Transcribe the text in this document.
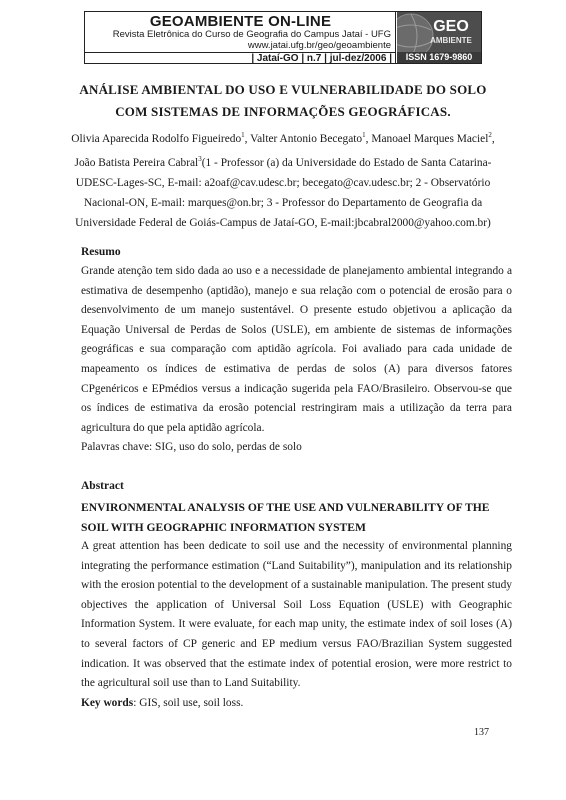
GEOAMBIENTE ON-LINE
Revista Eletrônica do Curso de Geografia do Campus Jataí - UFG
www.jatai.ufg.br/geo/geoambiente
| Jataí-GO | n.7 | jul-dez/2006 |
GEO
AMBIENTE
ISSN 1679-9860
ANÁLISE AMBIENTAL DO USO E VULNERABILIDADE DO SOLO
COM SISTEMAS DE INFORMAÇÕES GEOGRÁFICAS.
Olivia Aparecida Rodolfo Figueiredo$^1$, Valter Antonio Becegato$^1$, Manoael Marques Maciel$^2$,
João Batista Pereira Cabral$^3$(1 - Professor (a) da Universidade do Estado de Santa Catarina-
UDESC-Lages-SC, E-mail: a2oaf@cav.udesc.br; becegato@cav.udesc.br; 2 - Observatório
Nacional-ON, E-mail: marques@on.br; 3 - Professor do Departamento de Geografia da
Universidade Federal de Goiás-Campus de Jataí-GO, E-mail:jbcabral2000@yahoo.com.br)
Resumo
Grande atenção tem sido dada ao uso e a necessidade de planejamento ambiental integrando a
estimativa de desempenho (aptidão), manejo e sua relação com o potencial de erosão para o
desenvolvimento de um manejo sustentável. O presente estudo objetivou a aplicação da
Equação Universal de Perdas de Solos (USLE), em ambiente de sistemas de informações
geográficas e sua comparação com aptidão agrícola. Foi avaliado para cada unidade de
mapeamento os índices de estimativa de perdas de solos (A) para diversos fatores
CPgenéricos e EPmédios versus a indicação sugerida pela FAO/Brasileiro. Observou-se que
os índices de estimativa da erosão potencial restringiram mais a utilização da terra para
agricultura do que pela aptidão agrícola.
Palavras chave: SIG, uso do solo, perdas de solo
Abstract
ENVIRONMENTAL ANALYSIS OF THE USE AND VULNERABILITY OF THE
SOIL WITH GEOGRAPHIC INFORMATION SYSTEM
A great attention has been dedicate to soil use and the necessity of environmental planning
integrating the performance estimation (“Land Suitability”), manipulation and its relationship
with the erosion potential to the development of a sustainable manipulation. The present study
objectives the application of Universal Soil Loss Equation (USLE) with Geographic
Information System. It were evaluate, for each map unity, the estimate index of soil loses (A)
to several factors of CP generic and EP medium versus FAO/Brazilian System suggested
indication. It was observed that the estimate index of potential erosion, were more restrict to
the agricultural soil use than to Land Suitability.
Key words: GIS, soil use, soil loss.
137
